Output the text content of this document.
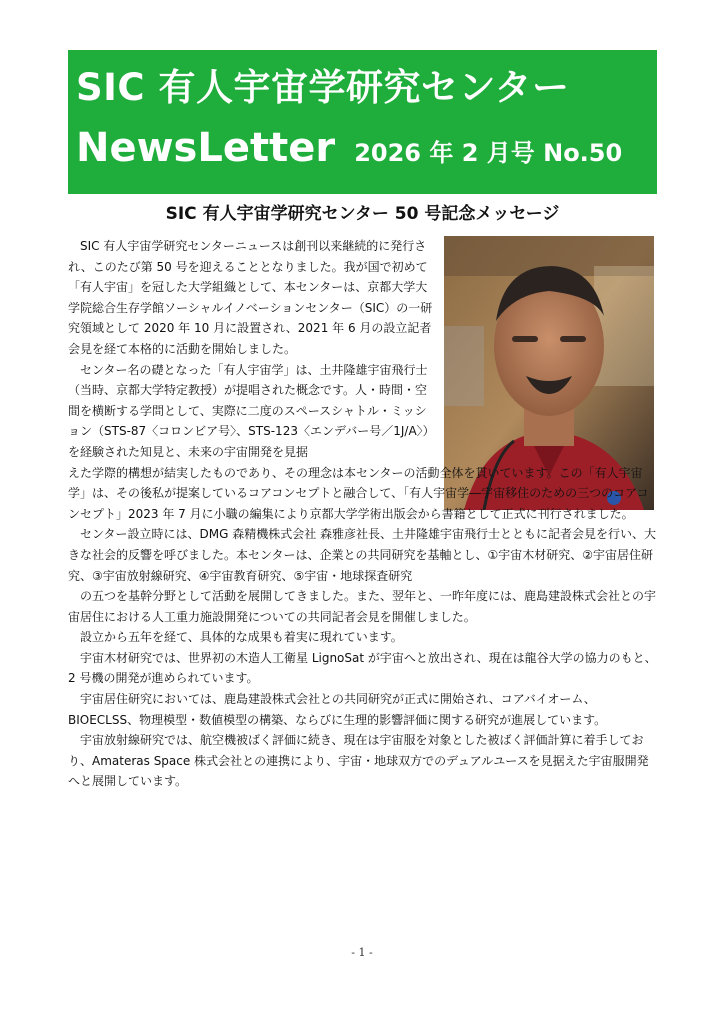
SIC 有人宇宙学研究センター
NewsLetter 2026 年 2 月号 No.50
SIC 有人宇宙学研究センター 50 号記念メッセージ

SIC 有人宇宙学研究センターニュースは創刊以来継続的に発行され、このたび第 50 号を迎えることとなりました。我が国で初めて「有人宇宙」を冠した大学組織として、本センターは、京都大学大学院総合生存学館ソーシャルイノベーションセンター（SIC）の一研究領域として 2020 年 10 月に設置され、2021 年 6 月の設立記者会見を経て本格的に活動を開始しました。

センター名の礎となった「有人宇宙学」は、土井隆雄宇宙飛行士（当時、京都大学特定教授）が提唱された概念です。人・時間・空間を横断する学問として、実際に二度のスペースシャトル・ミッション（STS-87〈コロンビア号〉、STS-123〈エンデバー号／1J/A〉）を経験された知見と、未来の宇宙開発を見据

えた学際的構想が結実したものであり、その理念は本センターの活動全体を貫いています。この「有人宇宙学」は、その後私が提案しているコアコンセプトと融合して、「有人宇宙学―宇宙移住のための三つのコアコンセプト」2023 年 7 月に小職の編集により京都大学学術出版会から書籍として正式に刊行されました。

センター設立時には、DMG 森精機株式会社 森雅彦社長、土井隆雄宇宙飛行士とともに記者会見を行い、大きな社会的反響を呼びました。本センターは、企業との共同研究を基軸とし、①宇宙木材研究、②宇宙居住研究、③宇宙放射線研究、④宇宙教育研究、⑤宇宙・地球探査研究

の五つを基幹分野として活動を展開してきました。また、翌年と、一昨年度には、鹿島建設株式会社との宇宙居住における人工重力施設開発についての共同記者会見を開催しました。

設立から五年を経て、具体的な成果も着実に現れています。

宇宙木材研究では、世界初の木造人工衛星 LignoSat が宇宙へと放出され、現在は龍谷大学の協力のもと、2 号機の開発が進められています。

宇宙居住研究においては、鹿島建設株式会社との共同研究が正式に開始され、コアバイオーム、BIOECLSS、物理模型・数値模型の構築、ならびに生理的影響評価に関する研究が進展しています。

宇宙放射線研究では、航空機被ばく評価に続き、現在は宇宙服を対象とした被ばく評価計算に着手しており、Amateras Space 株式会社との連携により、宇宙・地球双方でのデュアルユースを見据えた宇宙服開発へと展開しています。

- 1 -
